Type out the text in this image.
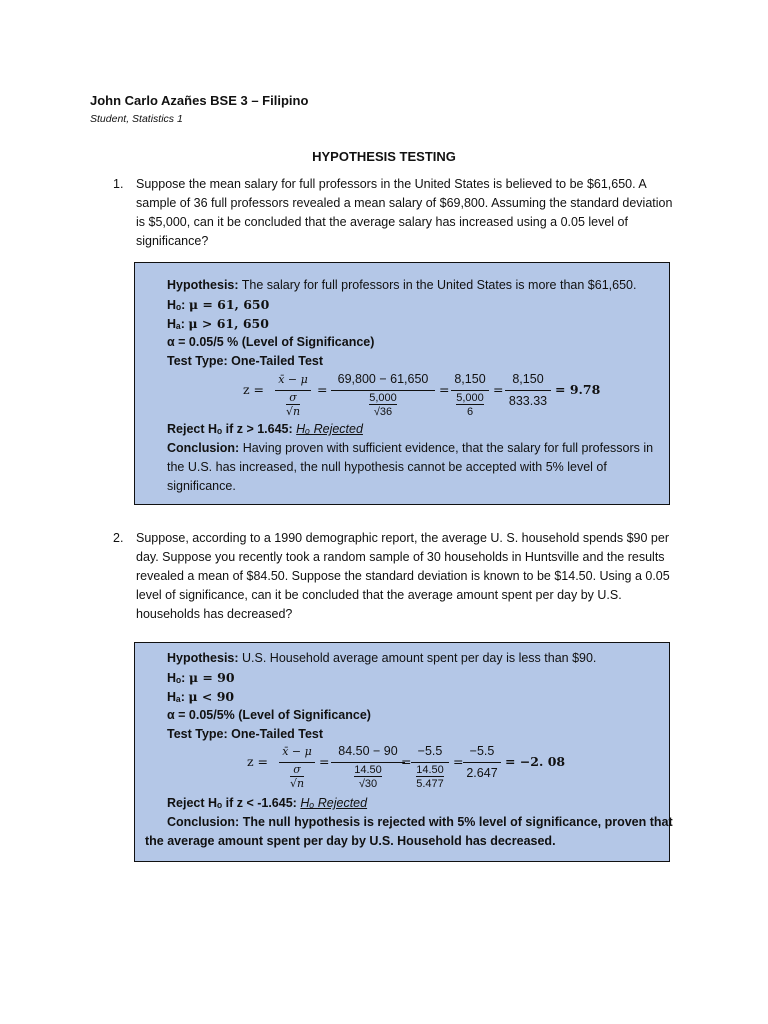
John Carlo Azañes BSE 3 – Filipino
Student, Statistics 1
HYPOTHESIS TESTING
1. Suppose the mean salary for full professors in the United States is believed to be $61,650. A sample of 36 full professors revealed a mean salary of $69,800. Assuming the standard deviation is $5,000, can it be concluded that the average salary has increased using a 0.05 level of significance?
Hypothesis: The salary for full professors in the United States is more than $61,650.
Hₒ: μ = 61, 650
Hₐ: μ > 61, 650
α = 0.05/5 % (Level of Significance)
Test Type: One-Tailed Test
z =
x̄ − μ
$\frac{\sigma}{√n}$
=
69,800 − 61,650
$\frac{5,000}{√36}$
=
8,150
$\frac{5,000}{6}$
=
8,150
833.33
= 9.78
Reject Hₒ if z > 1.645: Hₒ Rejected
Conclusion: Having proven with sufficient evidence, that the salary for full professors in
the U.S. has increased, the null hypothesis cannot be accepted with 5% level of
significance.
2. Suppose, according to a 1990 demographic report, the average U. S. household spends $90 per day. Suppose you recently took a random sample of 30 households in Huntsville and the results revealed a mean of $84.50. Suppose the standard deviation is known to be $14.50. Using a 0.05 level of significance, can it be concluded that the average amount spent per day by U.S. households has decreased?
Hypothesis: U.S. Household average amount spent per day is less than $90.
Hₒ: μ = 90
Hₐ: μ < 90
α = 0.05/5% (Level of Significance)
Test Type: One-Tailed Test
z =
x̄ − μ
$\frac{\sigma}{√n}$
=
84.50 − 90
$\frac{14.50}{√30}$
=
−5.5
$\frac{14.50}{5.477}$
=
−5.5
2.647
= −2. 08
Reject Hₒ if z < -1.645: Hₒ Rejected
Conclusion: The null hypothesis is rejected with 5% level of significance, proven that
the average amount spent per day by U.S. Household has decreased.
